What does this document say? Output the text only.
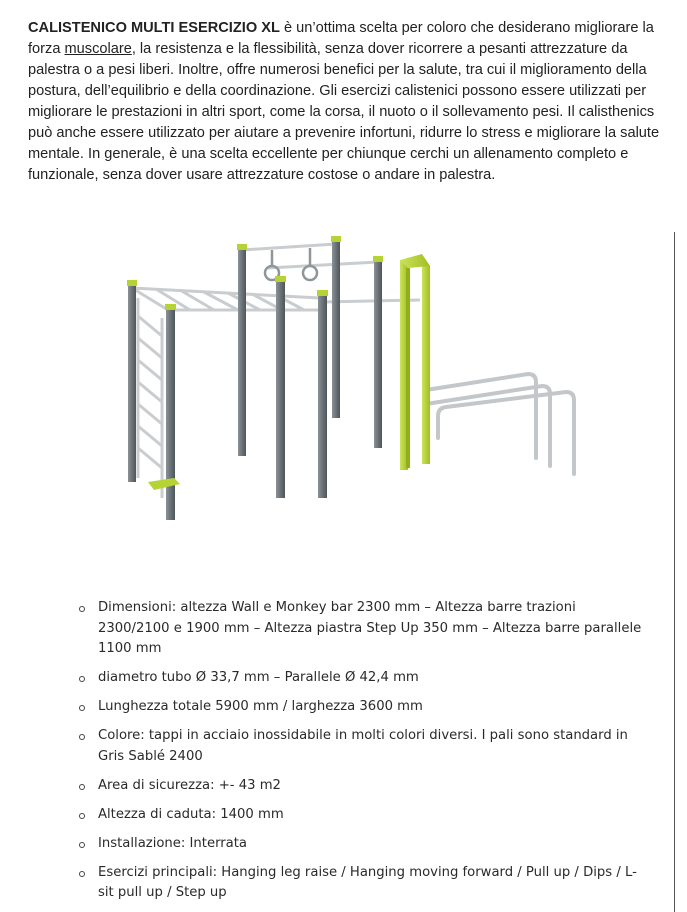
CALISTENICO MULTI ESERCIZIO XL è un’ottima scelta per coloro che desiderano migliorare la forza muscolare, la resistenza e la flessibilità, senza dover ricorrere a pesanti attrezzature da palestra o a pesi liberi. Inoltre, offre numerosi benefici per la salute, tra cui il miglioramento della postura, dell’equilibrio e della coordinazione. Gli esercizi calistenici possono essere utilizzati per migliorare le prestazioni in altri sport, come la corsa, il nuoto o il sollevamento pesi. Il calisthenics può anche essere utilizzato per aiutare a prevenire infortuni, ridurre lo stress e migliorare la salute mentale. In generale, è una scelta eccellente per chiunque cerchi un allenamento completo e funzionale, senza dover usare attrezzature costose o andare in palestra.
Dimensioni: altezza Wall e Monkey bar 2300 mm – Altezza barre trazioni 2300/2100 e 1900 mm – Altezza piastra Step Up 350 mm – Altezza barre parallele 1100 mm
diametro tubo Ø 33,7 mm – Parallele Ø 42,4 mm
Lunghezza totale 5900 mm / larghezza 3600 mm
Colore: tappi in acciaio inossidabile in molti colori diversi. I pali sono standard in Gris Sablé 2400
Area di sicurezza: +- 43 m2
Altezza di caduta: 1400 mm
Installazione: Interrata
Esercizi principali: Hanging leg raise / Hanging moving forward / Pull up / Dips / L-sit pull up / Step up
